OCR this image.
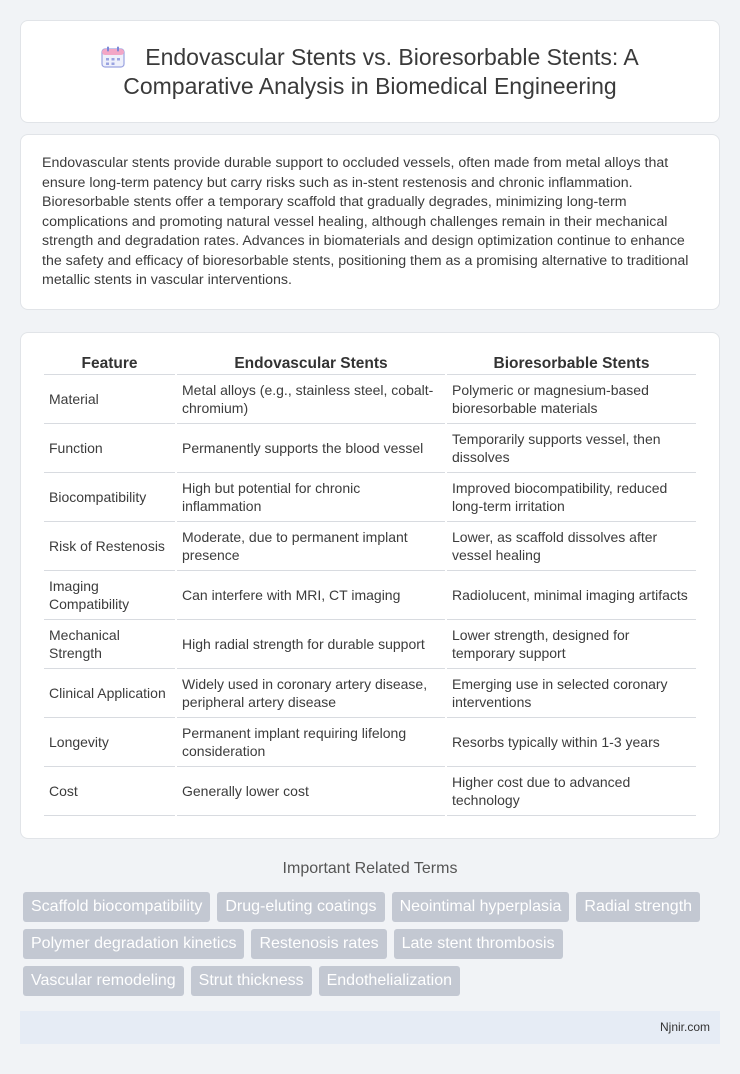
Endovascular Stents vs. Bioresorbable Stents: A Comparative Analysis in Biomedical Engineering

Endovascular stents provide durable support to occluded vessels, often made from metal alloys that ensure long-term patency but carry risks such as in-stent restenosis and chronic inflammation. Bioresorbable stents offer a temporary scaffold that gradually degrades, minimizing long-term complications and promoting natural vessel healing, although challenges remain in their mechanical strength and degradation rates. Advances in biomaterials and design optimization continue to enhance the safety and efficacy of bioresorbable stents, positioning them as a promising alternative to traditional metallic stents in vascular interventions.

Feature	Endovascular Stents	Bioresorbable Stents
Material	Metal alloys (e.g., stainless steel, cobalt-chromium)	Polymeric or magnesium-based bioresorbable materials
Function	Permanently supports the blood vessel	Temporarily supports vessel, then dissolves
Biocompatibility	High but potential for chronic inflammation	Improved biocompatibility, reduced long-term irritation
Risk of Restenosis	Moderate, due to permanent implant presence	Lower, as scaffold dissolves after vessel healing
Imaging Compatibility	Can interfere with MRI, CT imaging	Radiolucent, minimal imaging artifacts
Mechanical Strength	High radial strength for durable support	Lower strength, designed for temporary support
Clinical Application	Widely used in coronary artery disease, peripheral artery disease	Emerging use in selected coronary interventions
Longevity	Permanent implant requiring lifelong consideration	Resorbs typically within 1-3 years
Cost	Generally lower cost	Higher cost due to advanced technology
Important Related Terms
Scaffold biocompatibility	Drug-eluting coatings	Neointimal hyperplasia	Radial strength
Polymer degradation kinetics	Restenosis rates	Late stent thrombosis
Vascular remodeling	Strut thickness	Endothelialization
Njnir.com
